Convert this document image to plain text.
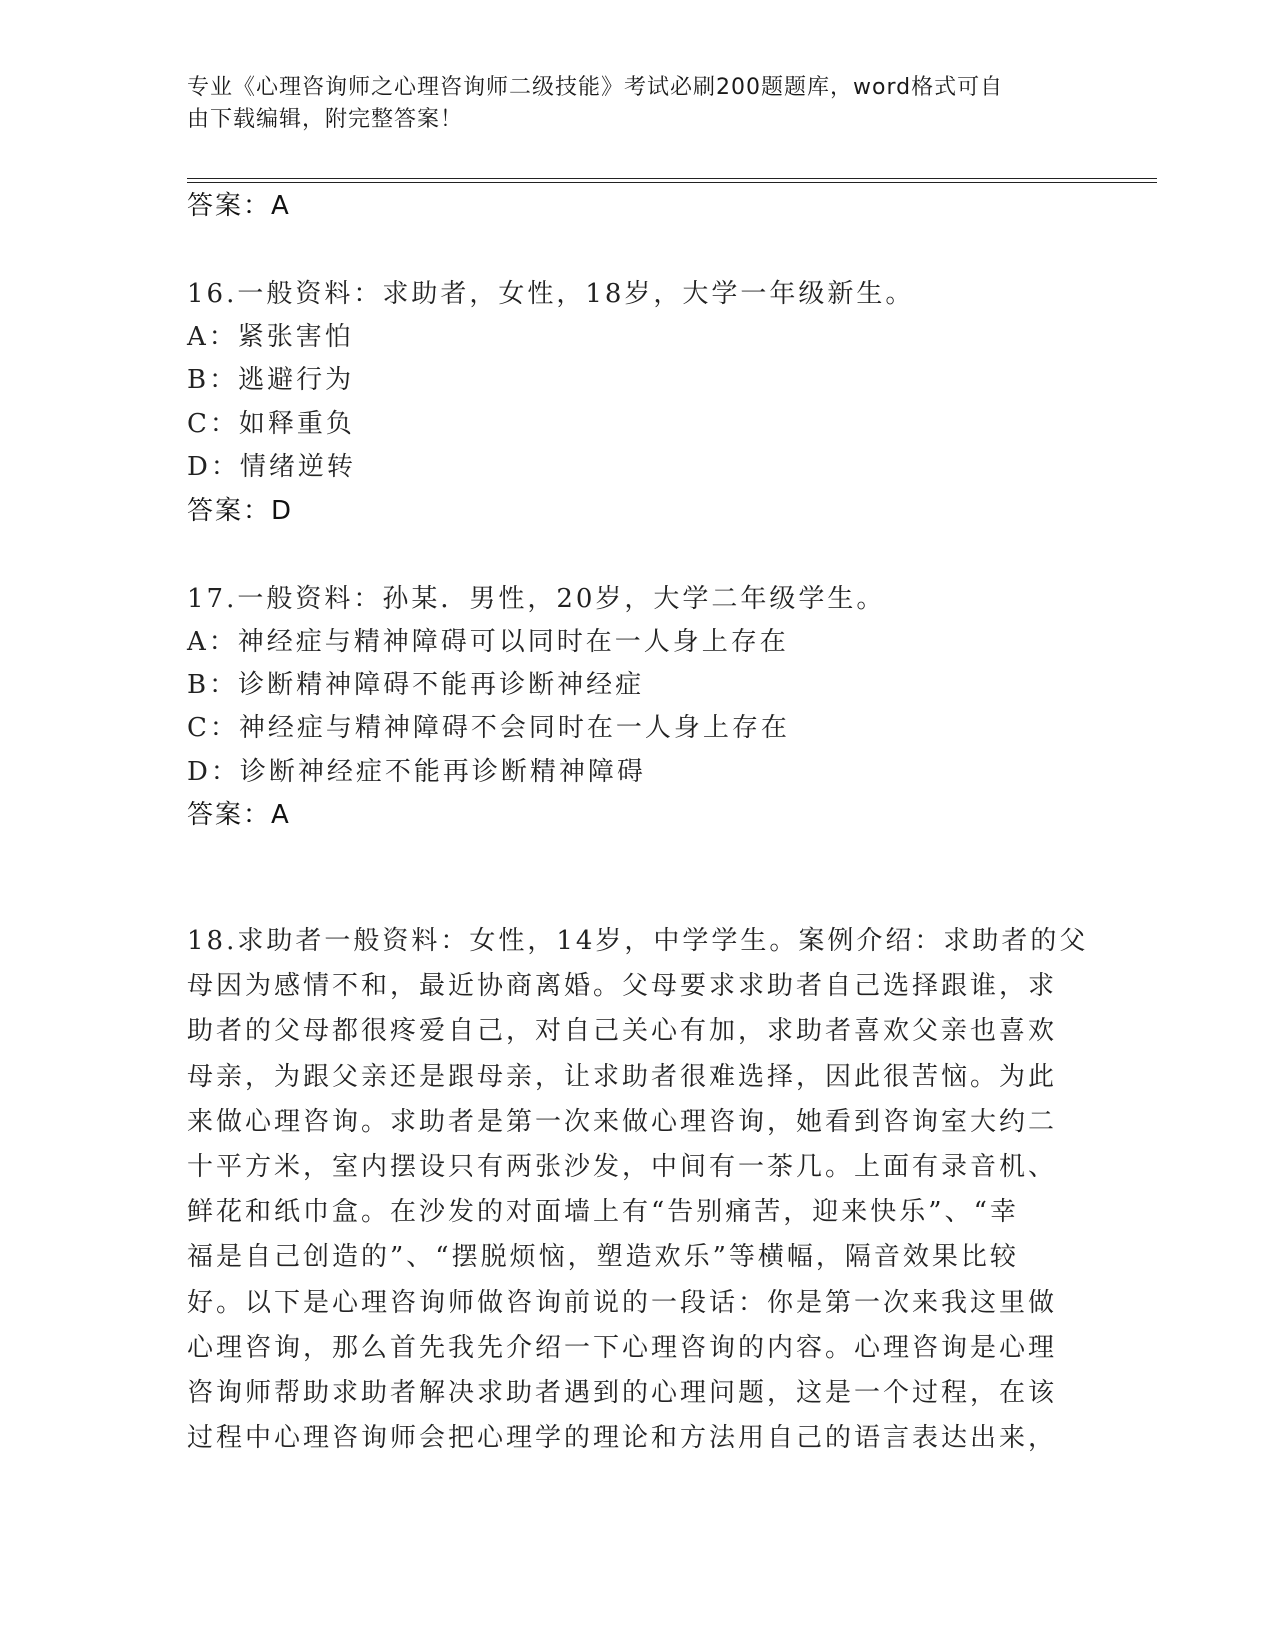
专业《心理咨询师之心理咨询师二级技能》考试必刷200题题库，word格式可自
由下载编辑，附完整答案！
答案：A
16.一般资料：求助者，女性，18岁，大学一年级新生。
A：紧张害怕
B：逃避行为
C：如释重负
D：情绪逆转
答案：D
17.一般资料：孙某．男性，20岁，大学二年级学生。
A：神经症与精神障碍可以同时在一人身上存在
B：诊断精神障碍不能再诊断神经症
C：神经症与精神障碍不会同时在一人身上存在
D：诊断神经症不能再诊断精神障碍
答案：A
18.求助者一般资料：女性，14岁，中学学生。案例介绍：求助者的父
母因为感情不和，最近协商离婚。父母要求求助者自己选择跟谁，求
助者的父母都很疼爱自己，对自己关心有加，求助者喜欢父亲也喜欢
母亲，为跟父亲还是跟母亲，让求助者很难选择，因此很苦恼。为此
来做心理咨询。求助者是第一次来做心理咨询，她看到咨询室大约二
十平方米，室内摆设只有两张沙发，中间有一茶几。上面有录音机、
鲜花和纸巾盒。在沙发的对面墙上有“告别痛苦，迎来快乐”、“幸
福是自己创造的”、“摆脱烦恼，塑造欢乐”等横幅，隔音效果比较
好。以下是心理咨询师做咨询前说的一段话：你是第一次来我这里做
心理咨询，那么首先我先介绍一下心理咨询的内容。心理咨询是心理
咨询师帮助求助者解决求助者遇到的心理问题，这是一个过程，在该
过程中心理咨询师会把心理学的理论和方法用自己的语言表达出来，
